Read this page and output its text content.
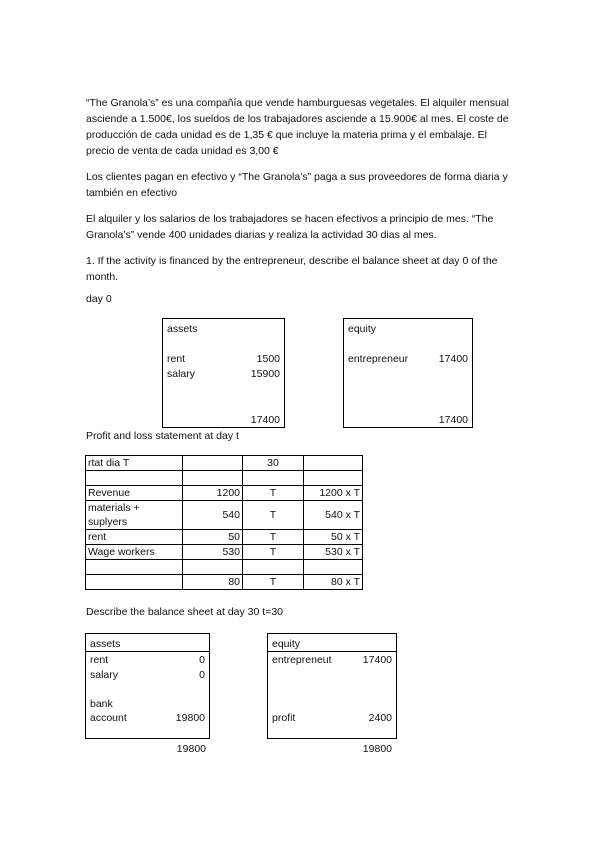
“The Granola’s” es una compañía que vende hamburguesas vegetales. El alquiler mensual asciende a 1.500€, los sueldos de los trabajadores asciende a 15.900€ al mes. El coste de producción de cada unidad es de 1,35 € que incluye la materia prima y el embalaje. El precio de venta de cada unidad es 3,00 €

Los clientes pagan en efectivo y “The Granola’s” paga a sus proveedores de forma diaria y también en efectivo

El alquiler y los salarios de los trabajadores se hacen efectivos a principio de mes. “The Granola’s” vende 400 unidades diarias y realiza la actividad 30 dias al mes.

1. If the activity is financed by the entrepreneur, describe el balance sheet at day 0 of the month.

day 0

assets
rent	1500
salary	15900
17400
equity
entrepreneur	17400
17400

Profit and loss statement at day t

rtat dia T		30	

Revenue	1200	T	1200 x T
materials + suplyers	540	T	540 x T
rent	50	T	50 x T
Wage workers	530	T	530 x T

	80	T	80 x T

Describe the balance sheet at day 30 t=30

assets
rent	0
salary	0
bank
account	19800
19800
equity
entrepreneut	17400
profit	2400
19800
